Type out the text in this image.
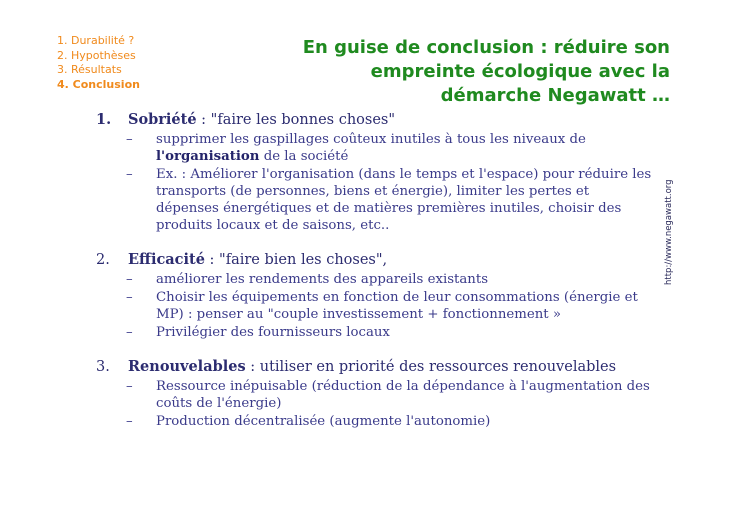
1. Durabilité ?
2. Hypothèses
3. Résultats
4. Conclusion
En guise de conclusion : réduire son
empreinte écologique avec la
démarche Negawatt …
http://www.negawatt.org
1.	Sobriété : "faire les bonnes choses"
–	supprimer les gaspillages coûteux inutiles à tous les niveaux de l'organisation de la société
–	Ex. : Améliorer l'organisation (dans le temps et l'espace) pour réduire les transports (de personnes, biens et énergie), limiter les pertes et dépenses énergétiques et de matières premières inutiles, choisir des produits locaux et de saisons, etc..
2.	Efficacité : "faire bien les choses",
–	améliorer les rendements des appareils existants
–	Choisir les équipements en fonction de leur consommations (énergie et MP) : penser au "couple investissement + fonctionnement »
–	Privilégier des fournisseurs locaux
3.	Renouvelables : utiliser en priorité des ressources renouvelables
–	Ressource inépuisable (réduction de la dépendance à l'augmentation des coûts de l'énergie)
–	Production décentralisée (augmente l'autonomie)
